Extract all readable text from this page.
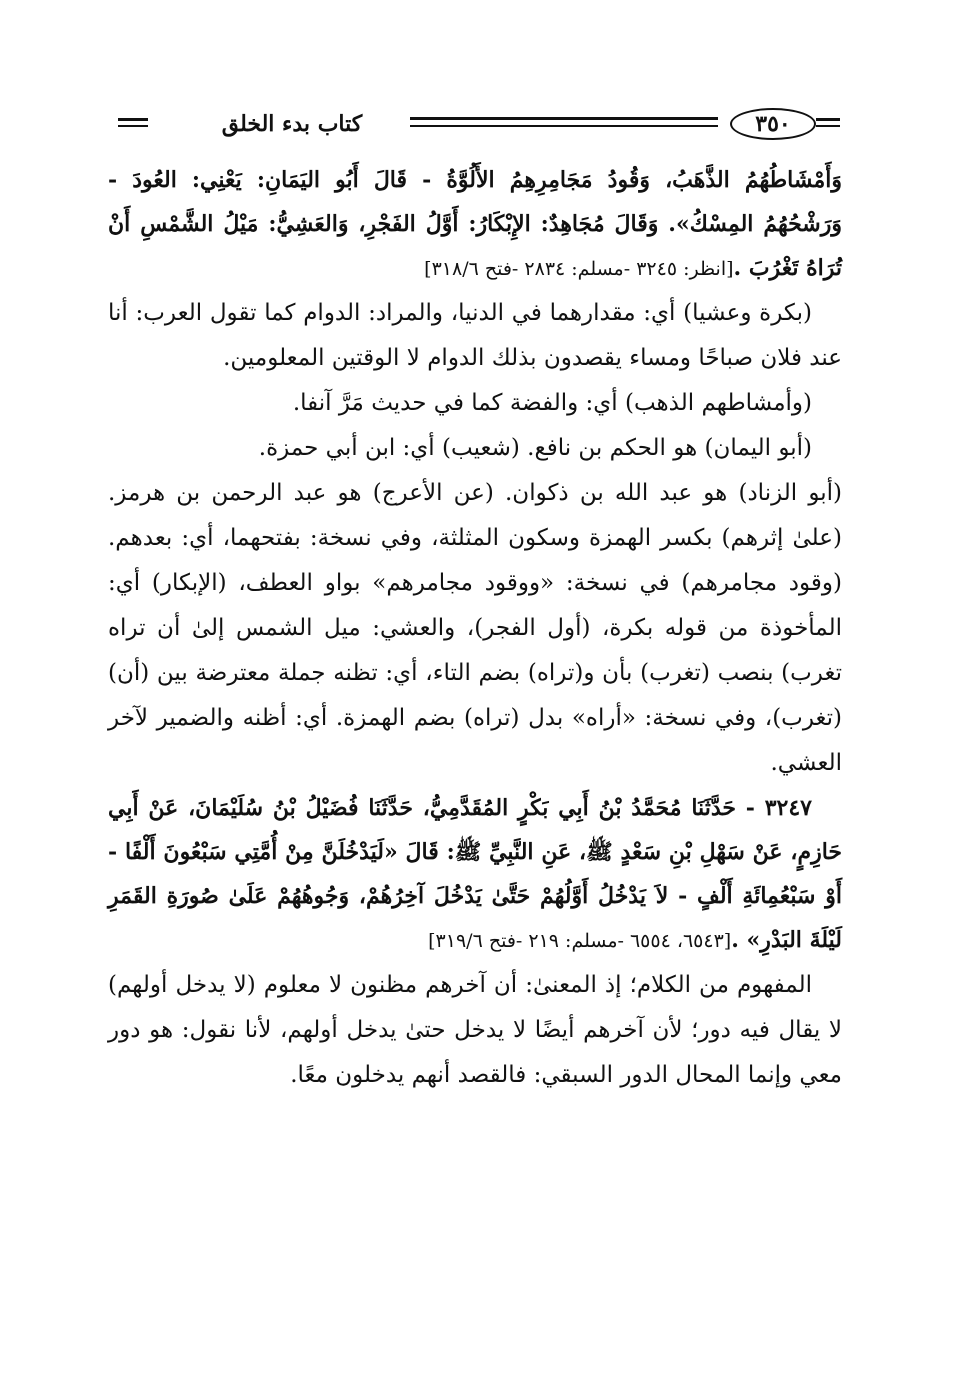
كتاب بدء الخلق	٣٥٠

وَأَمْشَاطُهُمُ الذَّهَبُ، وَقُودُ مَجَامِرِهِمُ الأَلُوَّةُ - قَالَ أَبُو اليَمَانِ: يَعْنِي: العُودَ - وَرَشْحُهُمُ المِسْكُ». وَقَالَ مُجَاهِدٌ: الإِبْكَارُ: أَوَّلُ الفَجْرِ، وَالعَشِيُّ: مَيْلُ الشَّمْسِ أَنْ تُرَاهُ تَغْرُبَ .[انظر: ٣٢٤٥ -مسلم: ٢٨٣٤ -فتح ٣١٨/٦]

(بكرة وعشيا) أي: مقدارهما في الدنيا، والمراد: الدوام كما تقول العرب: أنا عند فلان صباحًا ومساء يقصدون بذلك الدوام لا الوقتين المعلومين.

(وأمشاطهم الذهب) أي: والفضة كما في حديث مَرَّ آنفا.

(أبو اليمان) هو الحكم بن نافع. (شعيب) أي: ابن أبي حمزة.

(أبو الزناد) هو عبد الله بن ذكوان. (عن الأعرج) هو عبد الرحمن بن هرمز. (علىٰ إثرهم) بكسر الهمزة وسكون المثلثة، وفي نسخة: بفتحهما، أي: بعدهم. (وقود مجامرهم) في نسخة: «ووقود مجامرهم» بواو العطف، (الإبكار) أي: المأخوذة من قوله بكرة، (أول الفجر)، والعشي: ميل الشمس إلىٰ أن تراه تغرب) بنصب (تغرب) بأن و(تراه) بضم التاء، أي: تظنه جملة معترضة بين (أن) (تغرب)، وفي نسخة: «أراه» بدل (تراه) بضم الهمزة. أي: أظنه والضمير لآخر العشي.

٣٢٤٧ - حَدَّثَنَا مُحَمَّدُ بْنُ أَبِي بَكْرٍ المُقَدَّمِيُّ، حَدَّثَنَا فُضَيْلُ بْنُ سُلَيْمَانَ، عَنْ أَبِي حَازِمٍ، عَنْ سَهْلِ بْنِ سَعْدٍ ﷺ، عَنِ النَّبِيِّ ﷺ: قَالَ «لَيَدْخُلَنَّ مِنْ أُمَّتِي سَبْعُونَ أَلْفًا - أَوْ سَبْعُمِائَةِ أَلْفٍ - لاَ يَدْخُلُ أَوَّلُهُمْ حَتَّىٰ يَدْخُلَ آخِرُهُمْ، وَجُوهُهُمْ عَلَىٰ صُورَةِ القَمَرِ لَيْلَةَ البَدْرِ» .[٦٥٤٣، ٦٥٥٤ -مسلم: ٢١٩ -فتح ٣١٩/٦]

المفهوم من الكلام؛ إذ المعنىٰ: أن آخرهم مظنون لا معلوم (لا يدخل أولهم) لا يقال فيه دور؛ لأن آخرهم أيضًا لا يدخل حتىٰ يدخل أولهم، لأنا نقول: هو دور معي وإنما المحال الدور السبقي: فالقصد أنهم يدخلون معًا.
